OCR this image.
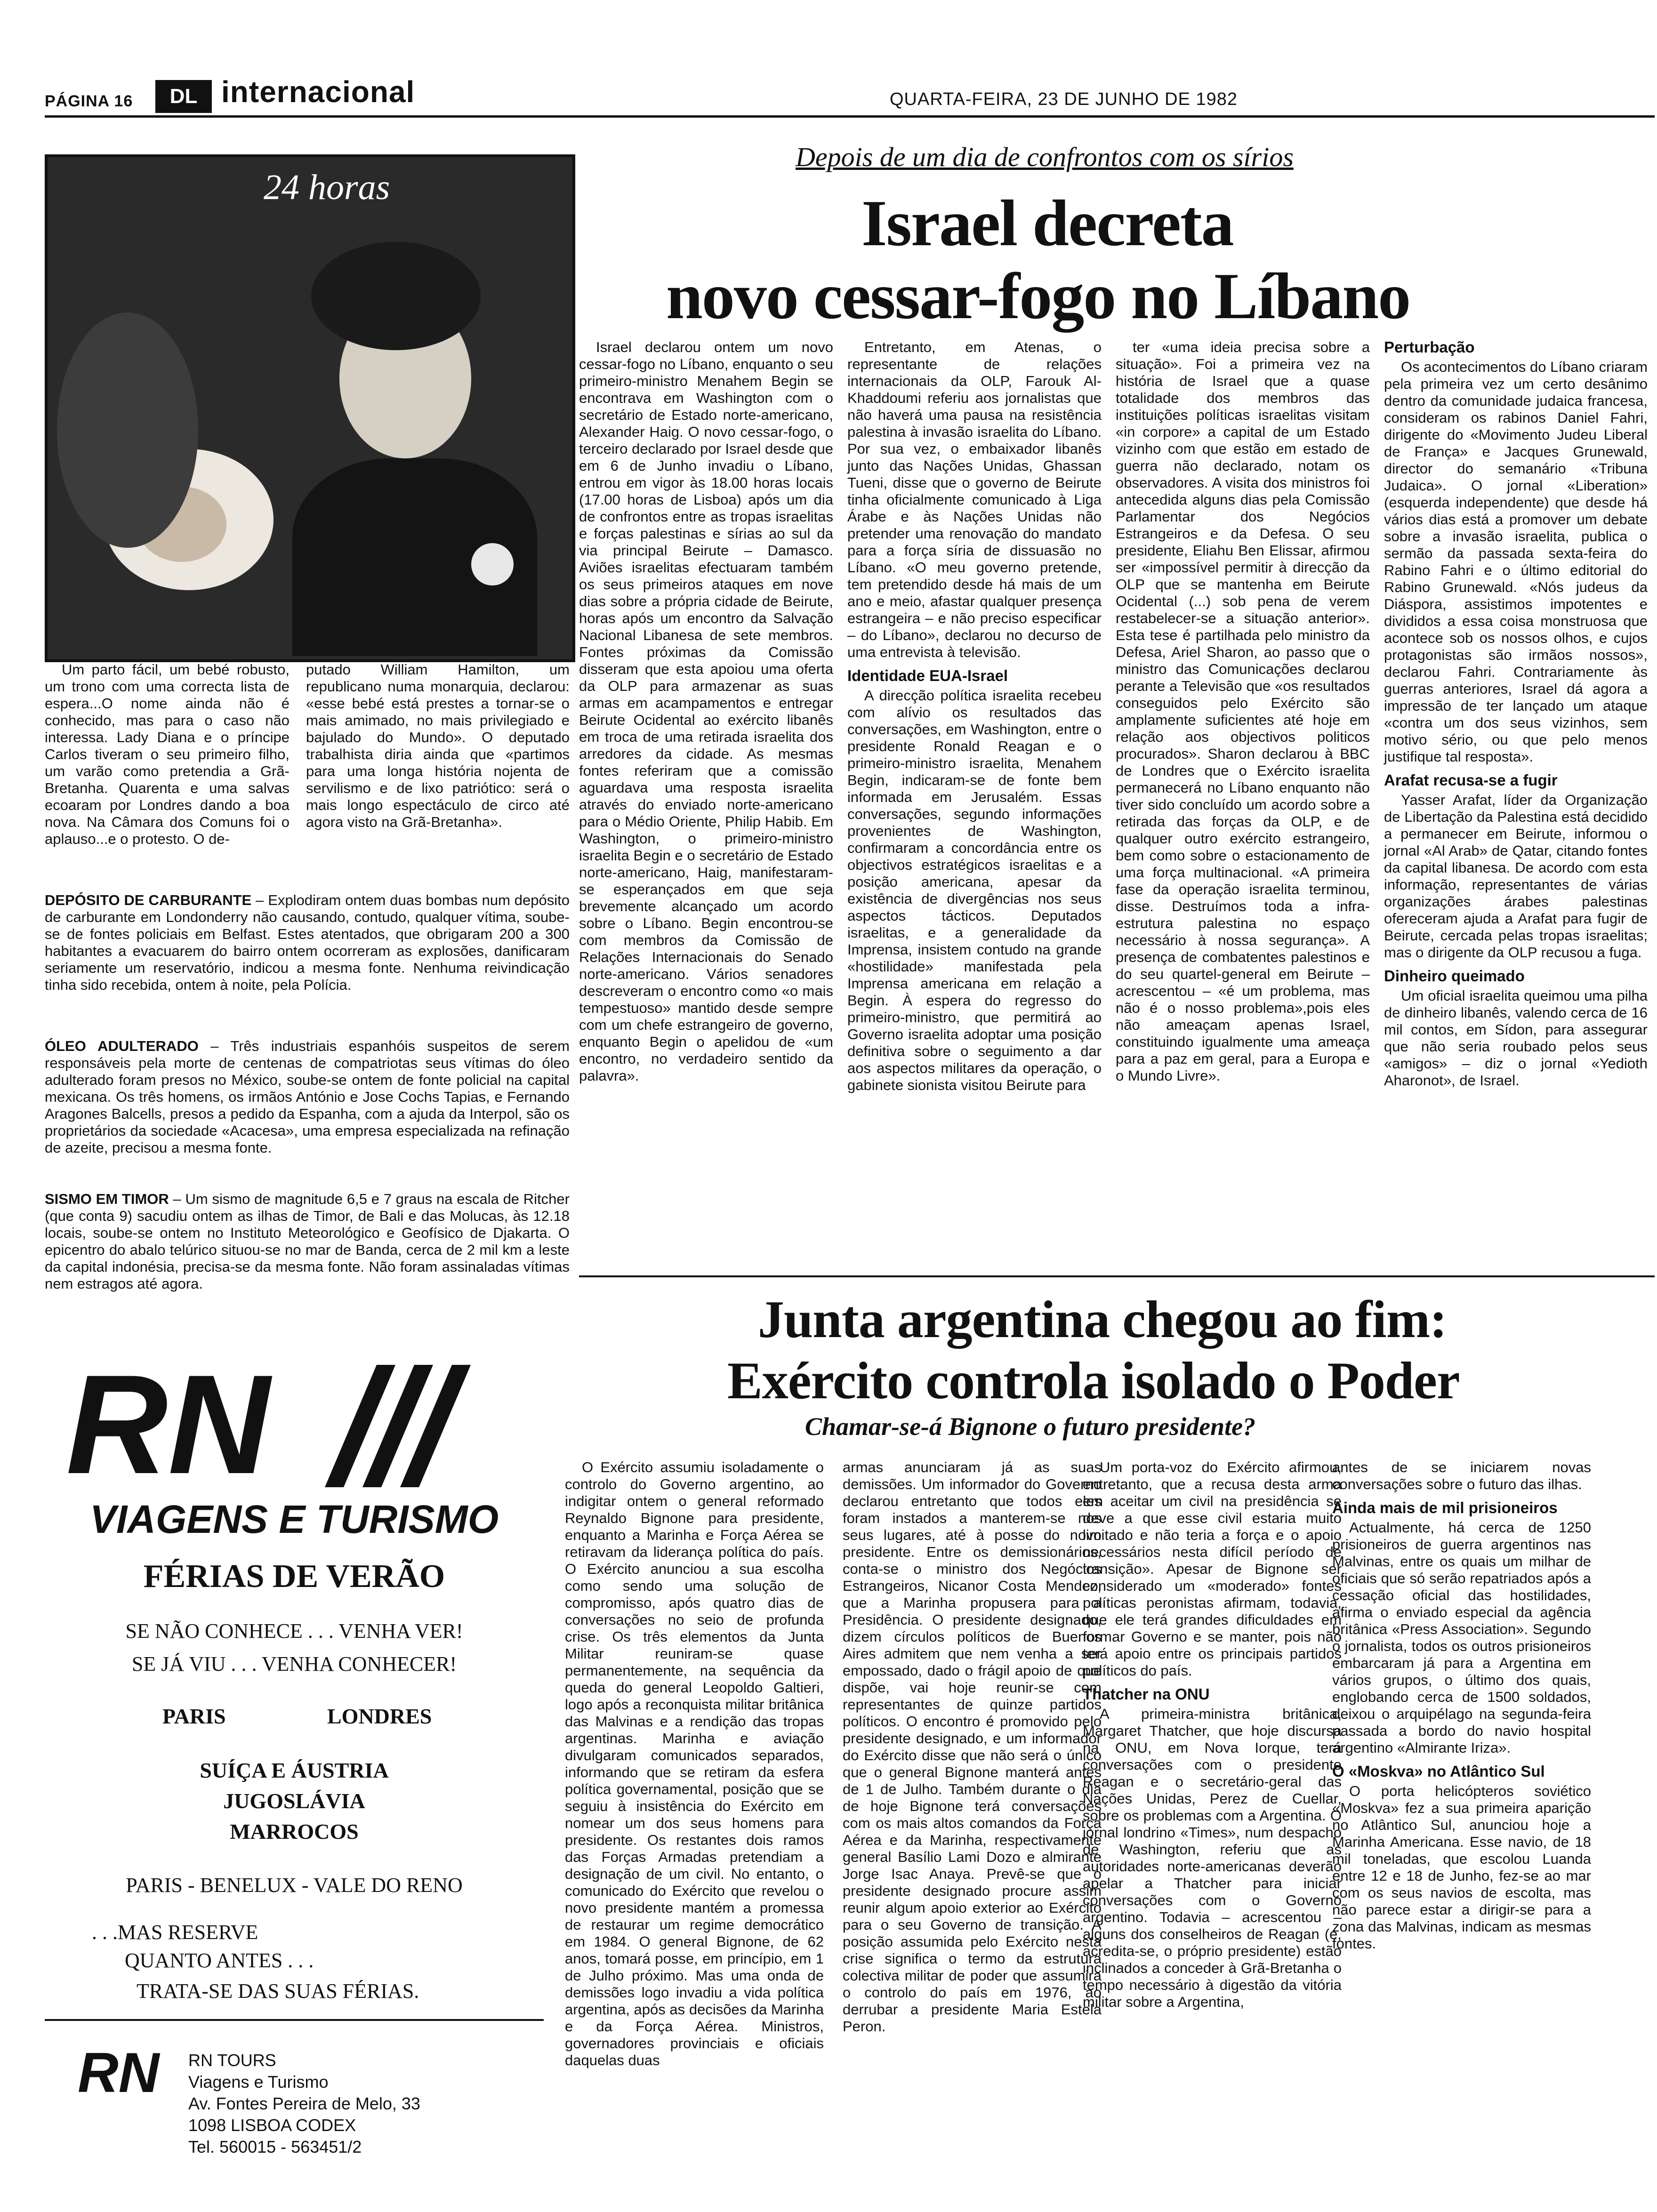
PÁGINA 16	DL internacional	QUARTA-FEIRA, 23 DE JUNHO DE 1982
24 horas

Um parto fácil, um bebé robusto, um trono com uma correcta lista de espera...O nome ainda não é conhecido, mas para o caso não interessa. Lady Diana e o príncipe Carlos tiveram o seu primeiro filho, um varão como pretendia a Grã-Bretanha. Quarenta e uma salvas ecoaram por Londres dando a boa nova. Na Câmara dos Comuns foi o aplauso...e o protesto. O de-

putado William Hamilton, um republicano numa monarquia, declarou: «esse bebé está prestes a tornar-se o mais amimado, no mais privilegiado e bajulado do Mundo». O deputado trabalhista diria ainda que «partimos para uma longa história nojenta de servilismo e de lixo patriótico: será o mais longo espectáculo de circo até agora visto na Grã-Bretanha».

DEPÓSITO DE CARBURANTE – Explodiram ontem duas bombas num depósito de carburante em Londonderry não causando, contudo, qualquer vítima, soube-se de fontes policiais em Belfast. Estes atentados, que obrigaram 200 a 300 habitantes a evacuarem do bairro ontem ocorreram as explosões, danificaram seriamente um reservatório, indicou a mesma fonte. Nenhuma reivindicação tinha sido recebida, ontem à noite, pela Polícia.

ÓLEO ADULTERADO – Três industriais espanhóis suspeitos de serem responsáveis pela morte de centenas de compatriotas seus vítimas do óleo adulterado foram presos no México, soube-se ontem de fonte policial na capital mexicana. Os três homens, os irmãos António e Jose Cochs Tapias, e Fernando Aragones Balcells, presos a pedido da Espanha, com a ajuda da Interpol, são os proprietários da sociedade «Acacesa», uma empresa especializada na refinação de azeite, precisou a mesma fonte.

SISMO EM TIMOR – Um sismo de magnitude 6,5 e 7 graus na escala de Ritcher (que conta 9) sacudiu ontem as ilhas de Timor, de Bali e das Molucas, às 12.18 locais, soube-se ontem no Instituto Meteorológico e Geofísico de Djakarta. O epicentro do abalo telúrico situou-se no mar de Banda, cerca de 2 mil km a leste da capital indonésia, precisa-se da mesma fonte. Não foram assinaladas vítimas nem estragos até agora.

Depois de um dia de confrontos com os sírios
Israel decreta
novo cessar-fogo no Líbano

Israel declarou ontem um novo cessar-fogo no Líbano, enquanto o seu primeiro-ministro Menahem Begin se encontrava em Washington com o secretário de Estado norte-americano, Alexander Haig. O novo cessar-fogo, o terceiro declarado por Israel desde que em 6 de Junho invadiu o Líbano, entrou em vigor às 18.00 horas locais (17.00 horas de Lisboa) após um dia de confrontos entre as tropas israelitas e forças palestinas e sírias ao sul da via principal Beirute – Damasco. Aviões israelitas efectuaram também os seus primeiros ataques em nove dias sobre a própria cidade de Beirute, horas após um encontro da Salvação Nacional Libanesa de sete membros. Fontes próximas da Comissão disseram que esta apoiou uma oferta da OLP para armazenar as suas armas em acampamentos e entregar Beirute Ocidental ao exército libanês em troca de uma retirada israelita dos arredores da cidade. As mesmas fontes referiram que a comissão aguardava uma resposta israelita através do enviado norte-americano para o Médio Oriente, Philip Habib. Em Washington, o primeiro-ministro israelita Begin e o secretário de Estado norte-americano, Haig, manifestaram-se esperançados em que seja brevemente alcançado um acordo sobre o Líbano. Begin encontrou-se com membros da Comissão de Relações Internacionais do Senado norte-americano. Vários senadores descreveram o encontro como «o mais tempestuoso» mantido desde sempre com um chefe estrangeiro de governo, enquanto Begin o apelidou de «um encontro, no verdadeiro sentido da palavra».

Entretanto, em Atenas, o representante de relações internacionais da OLP, Farouk Al-Khaddoumi referiu aos jornalistas que não haverá uma pausa na resistência palestina à invasão israelita do Líbano. Por sua vez, o embaixador libanês junto das Nações Unidas, Ghassan Tueni, disse que o governo de Beirute tinha oficialmente comunicado à Liga Árabe e às Nações Unidas não pretender uma renovação do mandato para a força síria de dissuasão no Líbano. «O meu governo pretende, tem pretendido desde há mais de um ano e meio, afastar qualquer presença estrangeira – e não preciso especificar – do Líbano», declarou no decurso de uma entrevista à televisão.

Identidade EUA-Israel

A direcção política israelita recebeu com alívio os resultados das conversações, em Washington, entre o presidente Ronald Reagan e o primeiro-ministro israelita, Menahem Begin, indicaram-se de fonte bem informada em Jerusalém. Essas conversações, segundo informações provenientes de Washington, confirmaram a concordância entre os objectivos estratégicos israelitas e a posição americana, apesar da existência de divergências nos seus aspectos tácticos. Deputados israelitas, e a generalidade da Imprensa, insistem contudo na grande «hostilidade» manifestada pela Imprensa americana em relação a Begin. À espera do regresso do primeiro-ministro, que permitirá ao Governo israelita adoptar uma posição definitiva sobre o seguimento a dar aos aspectos militares da operação, o gabinete sionista visitou Beirute para

ter «uma ideia precisa sobre a situação». Foi a primeira vez na história de Israel que a quase totalidade dos membros das instituições políticas israelitas visitam «in corpore» a capital de um Estado vizinho com que estão em estado de guerra não declarado, notam os observadores. A visita dos ministros foi antecedida alguns dias pela Comissão Parlamentar dos Negócios Estrangeiros e da Defesa. O seu presidente, Eliahu Ben Elissar, afirmou ser «impossível permitir à direcção da OLP que se mantenha em Beirute Ocidental (...) sob pena de verem restabelecer-se a situação anterior». Esta tese é partilhada pelo ministro da Defesa, Ariel Sharon, ao passo que o ministro das Comunicações declarou perante a Televisão que «os resultados conseguidos pelo Exército são amplamente suficientes até hoje em relação aos objectivos politicos procurados». Sharon declarou à BBC de Londres que o Exército israelita permanecerá no Líbano enquanto não tiver sido concluído um acordo sobre a retirada das forças da OLP, e de qualquer outro exército estrangeiro, bem como sobre o estacionamento de uma força multinacional. «A primeira fase da operação israelita terminou, disse. Destruímos toda a infra-estrutura palestina no espaço necessário à nossa segurança». A presença de combatentes palestinos e do seu quartel-general em Beirute – acrescentou – «é um problema, mas não é o nosso problema»,pois eles não ameaçam apenas Israel, constituindo igualmente uma ameaça para a paz em geral, para a Europa e o Mundo Livre».

Perturbação

Os acontecimentos do Líbano criaram pela primeira vez um certo desânimo dentro da comunidade judaica francesa, consideram os rabinos Daniel Fahri, dirigente do «Movimento Judeu Liberal de França» e Jacques Grunewald, director do semanário «Tribuna Judaica». O jornal «Liberation» (esquerda independente) que desde há vários dias está a promover um debate sobre a invasão israelita, publica o sermão da passada sexta-feira do Rabino Fahri e o último editorial do Rabino Grunewald. «Nós judeus da Diáspora, assistimos impotentes e divididos a essa coisa monstruosa que acontece sob os nossos olhos, e cujos protagonistas são irmãos nossos», declarou Fahri. Contrariamente às guerras anteriores, Israel dá agora a impressão de ter lançado um ataque «contra um dos seus vizinhos, sem motivo sério, ou que pelo menos justifique tal resposta».

Arafat recusa-se a fugir

Yasser Arafat, líder da Organização de Libertação da Palestina está decidido a permanecer em Beirute, informou o jornal «Al Arab» de Qatar, citando fontes da capital libanesa. De acordo com esta informação, representantes de várias organizações árabes palestinas ofereceram ajuda a Arafat para fugir de Beirute, cercada pelas tropas israelitas; mas o dirigente da OLP recusou a fuga.

Dinheiro queimado

Um oficial israelita queimou uma pilha de dinheiro libanês, valendo cerca de 16 mil contos, em Sídon, para assegurar que não seria roubado pelos seus «amigos» – diz o jornal «Yedioth Aharonot», de Israel.

Junta argentina chegou ao fim:
Exército controla isolado o Poder
Chamar-se-á Bignone o futuro presidente?

O Exército assumiu isoladamente o controlo do Governo argentino, ao indigitar ontem o general reformado Reynaldo Bignone para presidente, enquanto a Marinha e Força Aérea se retiravam da liderança política do país. O Exército anunciou a sua escolha como sendo uma solução de compromisso, após quatro dias de conversações no seio de profunda crise. Os três elementos da Junta Militar reuniram-se quase permanentemente, na sequência da queda do general Leopoldo Galtieri, logo após a reconquista militar britânica das Malvinas e a rendição das tropas argentinas. Marinha e aviação divulgaram comunicados separados, informando que se retiram da esfera política governamental, posição que se seguiu à insistência do Exército em nomear um dos seus homens para presidente. Os restantes dois ramos das Forças Armadas pretendiam a designação de um civil. No entanto, o comunicado do Exército que revelou o novo presidente mantém a promessa de restaurar um regime democrático em 1984. O general Bignone, de 62 anos, tomará posse, em princípio, em 1 de Julho próximo. Mas uma onda de demissões logo invadiu a vida política argentina, após as decisões da Marinha e da Força Aérea. Ministros, governadores provinciais e oficiais daquelas duas

armas anunciaram já as suas demissões. Um informador do Governo declarou entretanto que todos eles foram instados a manterem-se nos seus lugares, até à posse do novo presidente. Entre os demissionários, conta-se o ministro dos Negócios Estrangeiros, Nicanor Costa Mendez, que a Marinha propusera para a Presidência. O presidente designado, dizem círculos políticos de Buenos Aires admitem que nem venha a ser empossado, dado o frágil apoio de que dispõe, vai hoje reunir-se com representantes de quinze partidos políticos. O encontro é promovido pelo presidente designado, e um informador do Exército disse que não será o único que o general Bignone manterá antes de 1 de Julho. Também durante o dia de hoje Bignone terá conversações com os mais altos comandos da Força Aérea e da Marinha, respectivamente general Basílio Lami Dozo e almirante Jorge Isac Anaya. Prevê-se que o presidente designado procure assim reunir algum apoio exterior ao Exército para o seu Governo de transição. A posição assumida pelo Exército nesta crise significa o termo da estrutura colectiva militar de poder que assumira o controlo do país em 1976, ao derrubar a presidente Maria Estela Peron.

Um porta-voz do Exército afirmou, entretanto, que a recusa desta arma em aceitar um civil na presidência se deve a que esse civil estaria muito limitado e não teria a força e o apoio necessários nesta difícil período de transição». Apesar de Bignone ser considerado um «moderado» fontes políticas peronistas afirmam, todavia, que ele terá grandes dificuldades em formar Governo e se manter, pois não terá apoio entre os principais partidos políticos do país.

Thatcher na ONU

A primeira-ministra britânica, Margaret Thatcher, que hoje discursa na ONU, em Nova Iorque, terá conversações com o presidente Reagan e o secretário-geral das Nações Unidas, Perez de Cuellar, sobre os problemas com a Argentina. O jornal londrino «Times», num despacho de Washington, referiu que as autoridades norte-americanas deverão apelar a Thatcher para iniciar conversações com o Governo argentino. Todavia – acrescentou – alguns dos conselheiros de Reagan (e, acredita-se, o próprio presidente) estão inclinados a conceder à Grã-Bretanha o tempo necessário à digestão da vitória militar sobre a Argentina,

antes de se iniciarem novas conversações sobre o futuro das ilhas.

Ainda mais de mil prisioneiros

Actualmente, há cerca de 1250 prisioneiros de guerra argentinos nas Malvinas, entre os quais um milhar de oficiais que só serão repatriados após a cessação oficial das hostilidades, afirma o enviado especial da agência britânica «Press Association». Segundo o jornalista, todos os outros prisioneiros embarcaram já para a Argentina em vários grupos, o último dos quais, englobando cerca de 1500 soldados, deixou o arquipélago na segunda-feira passada a bordo do navio hospital argentino «Almirante Iriza».

O «Moskva» no Atlântico Sul

O porta helicópteros soviético «Moskva» fez a sua primeira aparição no Atlântico Sul, anunciou hoje a Marinha Americana. Esse navio, de 18 mil toneladas, que escolou Luanda entre 12 e 18 de Junho, fez-se ao mar com os seus navios de escolta, mas não parece estar a dirigir-se para a zona das Malvinas, indicam as mesmas fontes.

RN
VIAGENS E TURISMO
FÉRIAS DE VERÃO
SE NÃO CONHECE . . . VENHA VER!
SE JÁ VIU . . . VENHA CONHECER!
PARIS	LONDRES
SUÍÇA E ÁUSTRIA
JUGOSLÁVIA
MARROCOS
PARIS - BENELUX - VALE DO RENO
. . .MAS RESERVE
QUANTO ANTES . . .
TRATA-SE DAS SUAS FÉRIAS.
RN RN TOURS
Viagens e Turismo
Av. Fontes Pereira de Melo, 33
1098 LISBOA CODEX
Tel. 560015 - 563451/2
